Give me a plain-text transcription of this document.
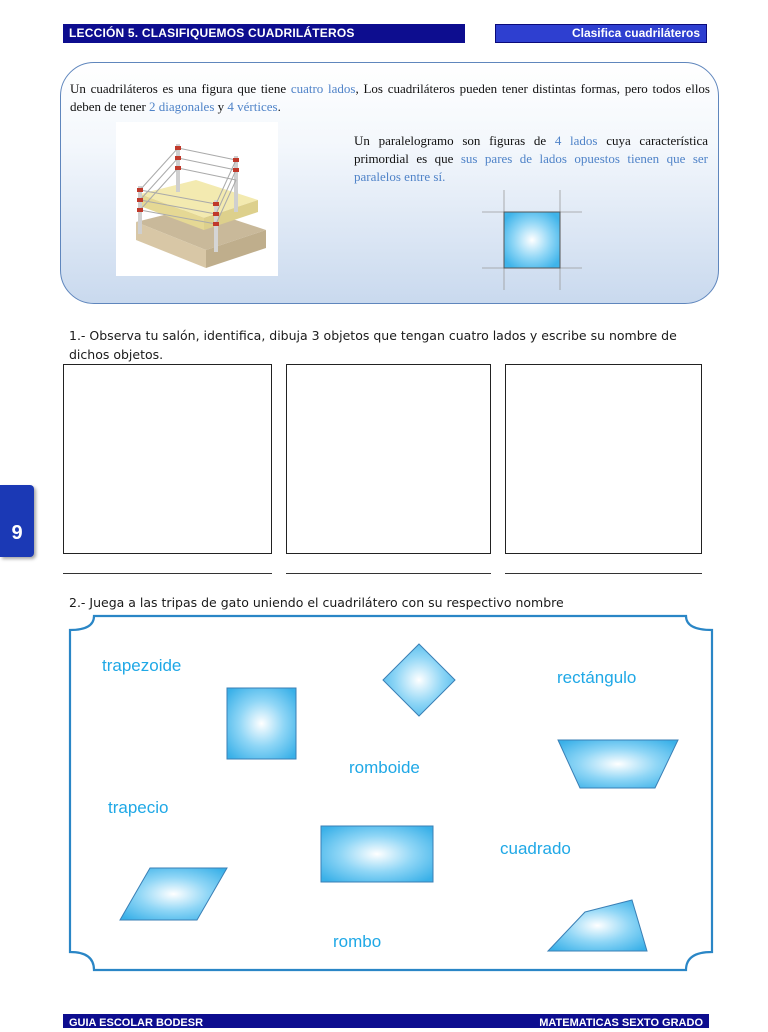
LECCIÓN 5. CLASIFIQUEMOS CUADRILÁTEROS	Clasifica cuadriláteros
Un cuadriláteros es una figura que tiene cuatro lados, Los cuadriláteros pueden tener distintas formas, pero todos ellos deben de tener 2 diagonales y 4 vértices.
Un paralelogramo son figuras de 4 lados cuya característica primordial es que sus pares de lados opuestos tienen que ser paralelos entre sí.
1.- Observa tu salón, identifica, dibuja 3 objetos que tengan cuatro lados y escribe su nombre de dichos objetos.
9
2.- Juega a las tripas de gato uniendo el cuadrilátero con su respectivo nombre
trapezoide
rectángulo
romboide
trapecio
cuadrado
rombo
GUIA ESCOLAR BODESR	MATEMATICAS SEXTO GRADO
